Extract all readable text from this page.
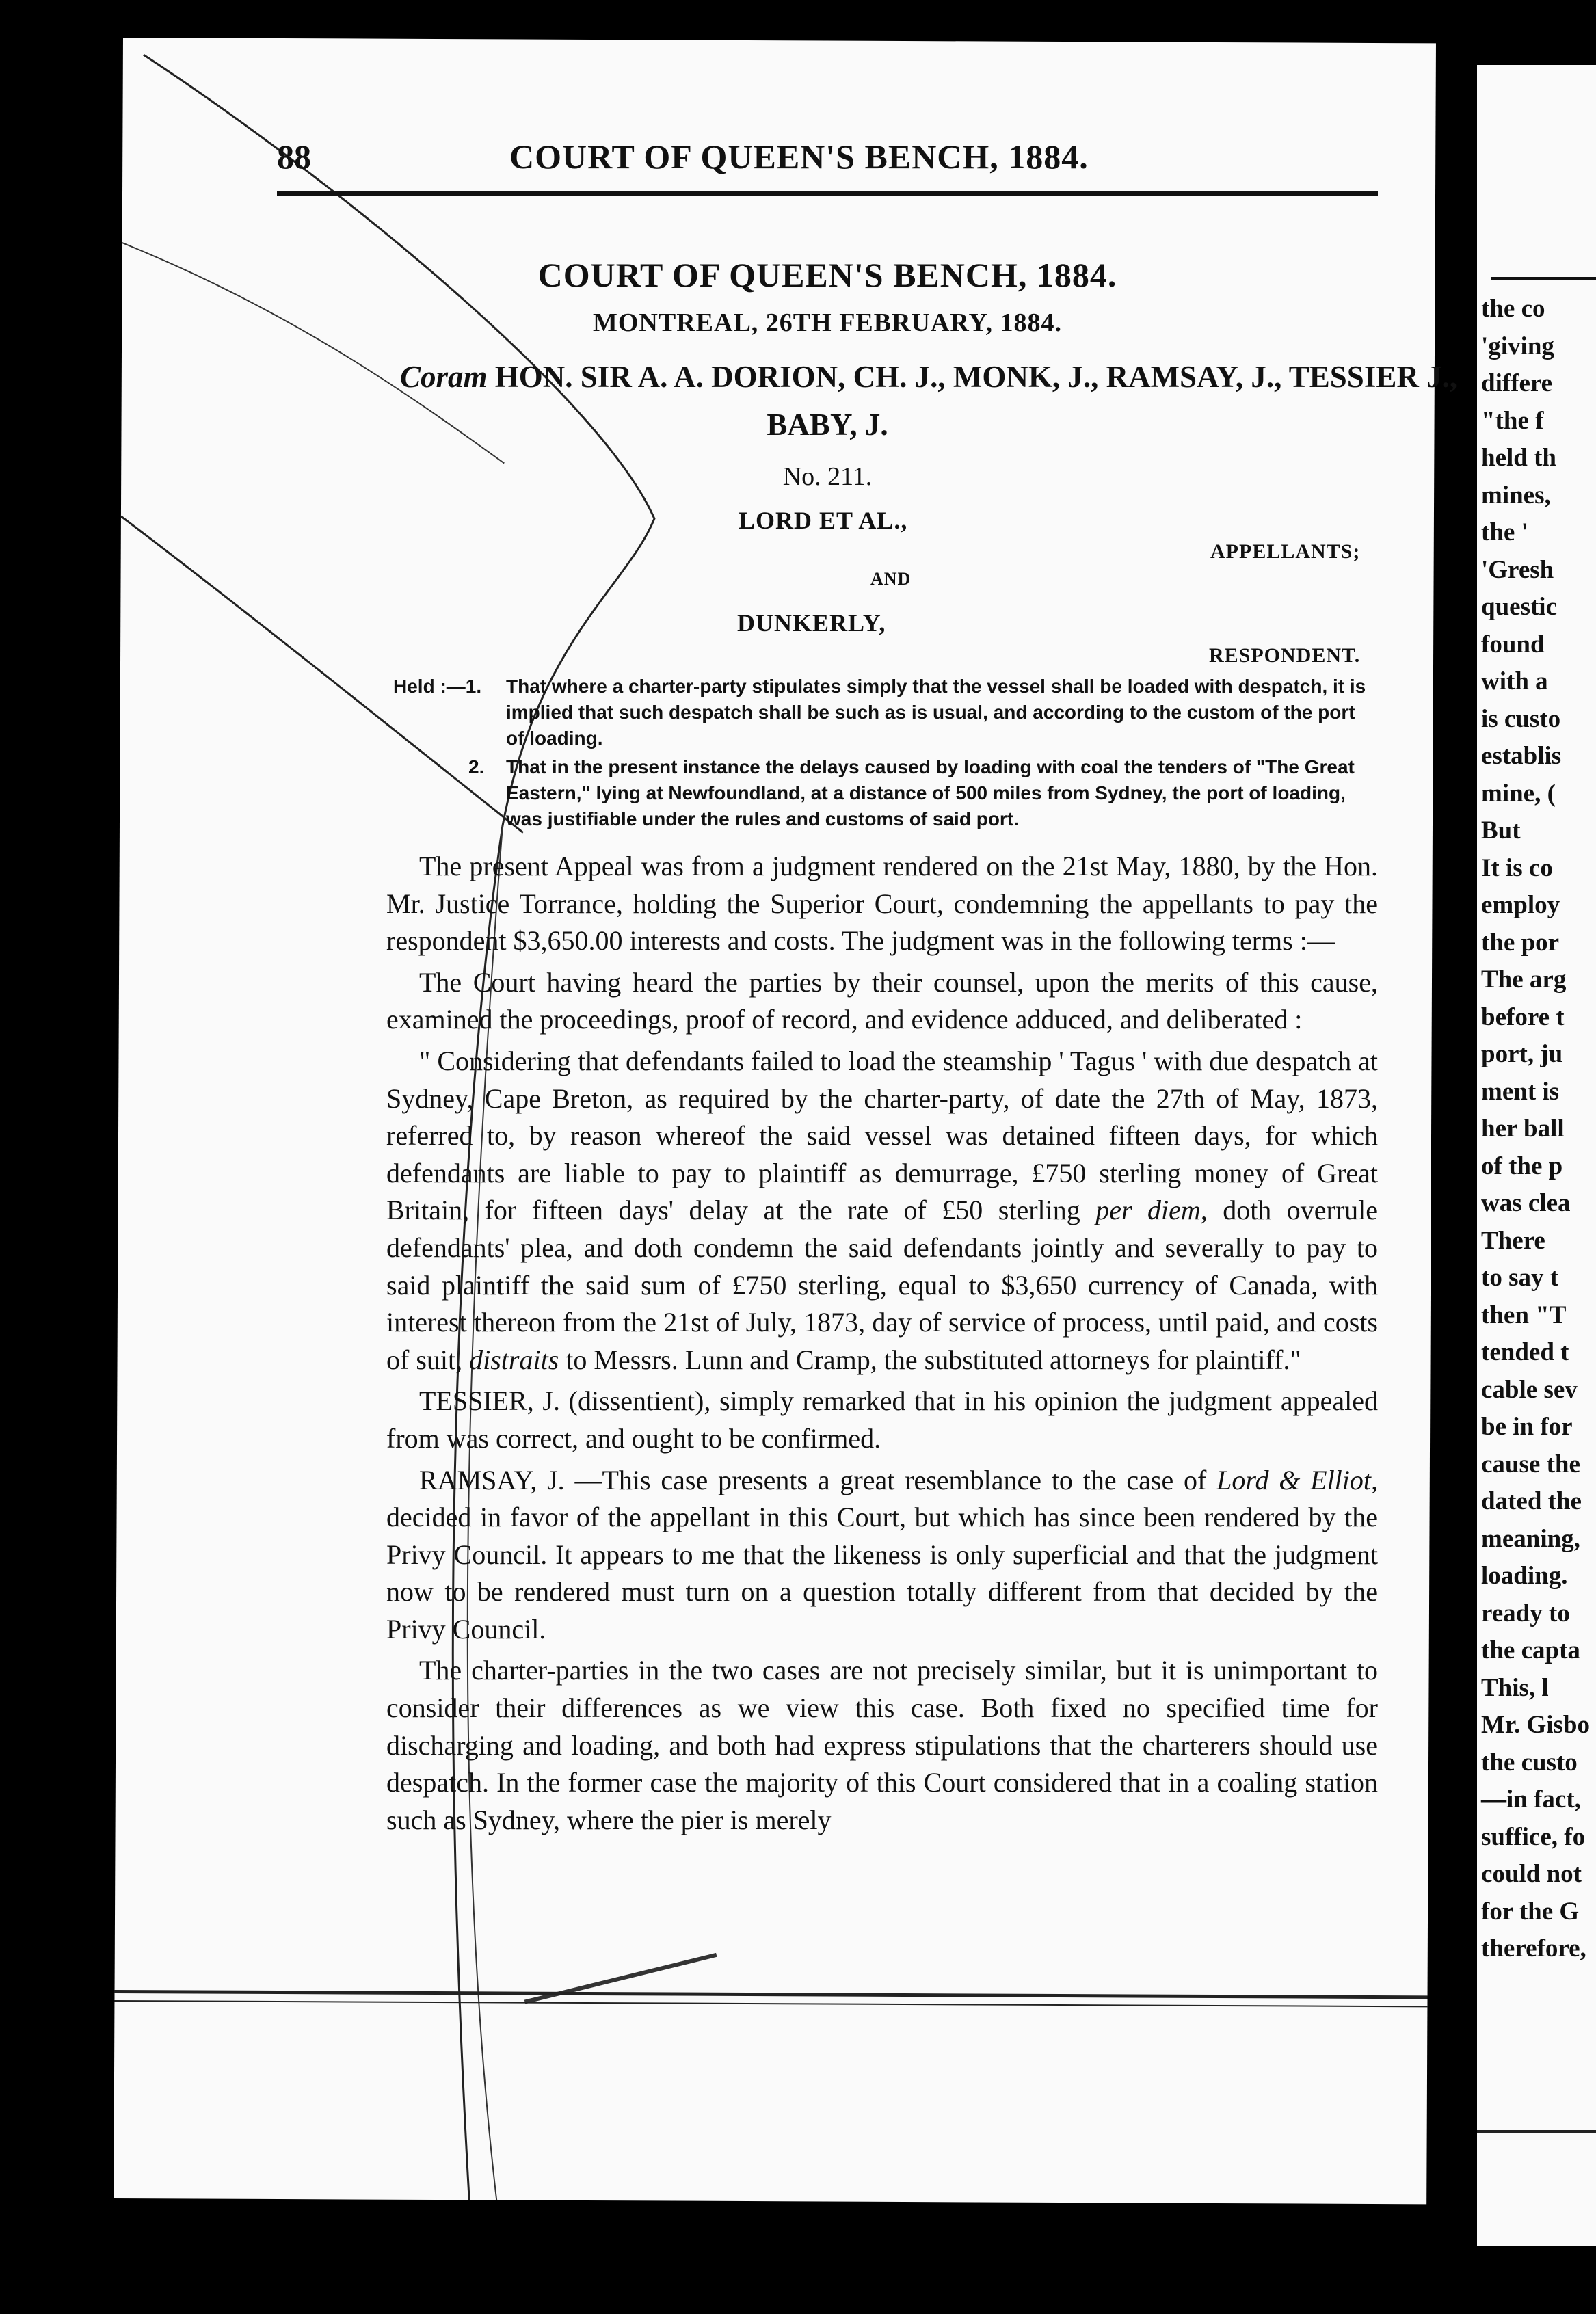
the co
'giving
differe
"the f
held th
mines,
the '
'Gresh
questic
found
with a
is custo
establis
mine, (
But
It is co
employ
the por
The arg
before t
port, ju
ment is
her ball
of the p
was clea
There
to say t
then "T
tended t
cable sev
be in for
cause the
dated the
meaning,
loading.
ready to
the capta
This, l
Mr. Gisbo
the custo
—in fact,
suffice, fo
could not
for the G
therefore,
88	COURT OF QUEEN'S BENCH, 1884.
COURT OF QUEEN'S BENCH, 1884.
MONTREAL, 26TH FEBRUARY, 1884.
Coram HON. SIR A. A. DORION, CH. J., MONK, J., RAMSAY, J., TESSIER J.,
BABY, J.
No. 211.
LORD ET AL.,
APPELLANTS;
AND
DUNKERLY,
RESPONDENT.
Held :—1. That where a charter-party stipulates simply that the vessel shall be loaded with despatch, it is implied that such despatch shall be such as is usual, and according to the custom of the port of loading.
2. That in the present instance the delays caused by loading with coal the tenders of "The Great Eastern," lying at Newfoundland, at a distance of 500 miles from Sydney, the port of loading, was justifiable under the rules and customs of said port.

The present Appeal was from a judgment rendered on the 21st May, 1880, by the Hon. Mr. Justice Torrance, holding the Superior Court, condemning the appellants to pay the respondent $3,650.00 interests and costs. The judgment was in the following terms :—

The Court having heard the parties by their counsel, upon the merits of this cause, examined the proceedings, proof of record, and evidence adduced, and deliberated :

" Considering that defendants failed to load the steamship ' Tagus ' with due despatch at Sydney, Cape Breton, as required by the charter-party, of date the 27th of May, 1873, referred to, by reason whereof the said vessel was detained fifteen days, for which defendants are liable to pay to plaintiff as demurrage, £750 sterling money of Great Britain, for fifteen days' delay at the rate of £50 sterling per diem, doth overrule defendants' plea, and doth condemn the said defendants jointly and severally to pay to said plaintiff the said sum of £750 sterling, equal to $3,650 currency of Canada, with interest thereon from the 21st of July, 1873, day of service of process, until paid, and costs of suit, distraits to Messrs. Lunn and Cramp, the substituted attorneys for plaintiff."

TESSIER, J. (dissentient), simply remarked that in his opinion the judgment appealed from was correct, and ought to be confirmed.

RAMSAY, J. —This case presents a great resemblance to the case of Lord & Elliot, decided in favor of the appellant in this Court, but which has since been rendered by the Privy Council. It appears to me that the likeness is only superficial and that the judgment now to be rendered must turn on a question totally different from that decided by the Privy Council.

The charter-parties in the two cases are not precisely similar, but it is unimportant to consider their differences as we view this case. Both fixed no specified time for discharging and loading, and both had express stipulations that the charterers should use despatch. In the former case the majority of this Court considered that in a coaling station such as Sydney, where the pier is merely
